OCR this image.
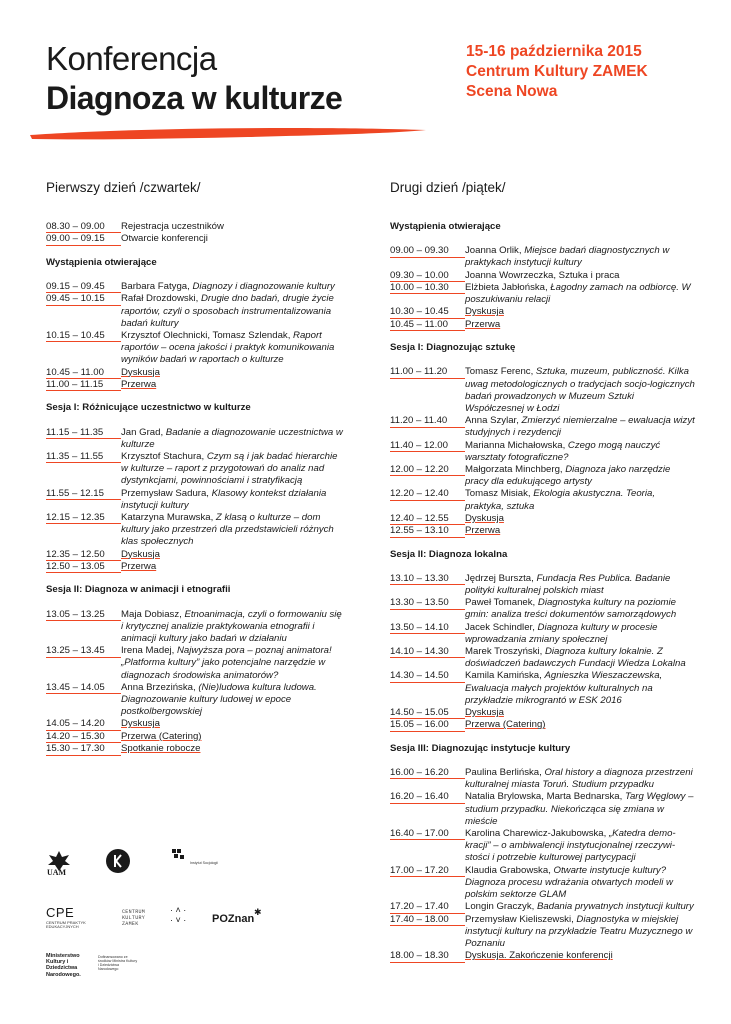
Konferencja
Diagnoza w kulturze
15-16 października 2015
Centrum Kultury ZAMEK
Scena Nowa
Pierwszy dzień /czwartek/	Drugi dzień /piątek/
08.30 – 09.00	Rejestracja uczestników
09.00 – 09.15	Otwarcie konferencji
Wystąpienia otwierające
09.15 – 09.45	Barbara Fatyga, Diagnozy i diagnozowanie kultury
09.45 – 10.15	Rafał Drozdowski, Drugie dno badań, drugie życie raportów, czyli o sposobach instrumentalizowania badań kultury
10.15 – 10.45	Krzysztof Olechnicki, Tomasz Szlendak, Raport raportów – ocena jakości i praktyk komunikowania wyników badań w raportach o kulturze
10.45 – 11.00	Dyskusja
11.00 – 11.15	Przerwa
Sesja I: Różnicujące uczestnictwo w kulturze
11.15 – 11.35	Jan Grad, Badanie a diagnozowanie uczestnictwa w kulturze
11.35 – 11.55	Krzysztof Stachura, Czym są i jak badać hierarchie w kulturze – raport z przygotowań do analiz nad dystynkcjami, powinnościami i stratyfikacją
11.55 – 12.15	Przemysław Sadura, Klasowy kontekst działania instytucji kultury
12.15 – 12.35	Katarzyna Murawska, Z klasą o kulturze – dom kultury jako przestrzeń dla przedstawicieli różnych klas społecznych
12.35 – 12.50	Dyskusja
12.50 – 13.05	Przerwa
Sesja II: Diagnoza w animacji i etnografii
13.05 – 13.25	Maja Dobiasz, Etnoanimacja, czyli o formowaniu się i krytycznej analizie praktykowania etnografii i animacji kultury jako badań w działaniu
13.25 – 13.45	Irena Madej, Najwyższa pora – poznaj animatora! „Platforma kultury” jako potencjalne narzędzie w diagnozach środowiska animatorów?
13.45 – 14.05	Anna Brzezińska, (Nie)ludowa kultura ludowa. Diagnozowanie kultury ludowej w epoce postkolbergowskiej
14.05 – 14.20	Dyskusja
14.20 – 15.30	Przerwa (Catering)
15.30 – 17.30	Spotkanie robocze
Wystąpienia otwierające
09.00 – 09.30	Joanna Orlik, Miejsce badań diagnostycznych w praktykach instytucji kultury
09.30 – 10.00	Joanna Wowrzeczka, Sztuka i praca
10.00 – 10.30	Elżbieta Jabłońska, Łagodny zamach na odbiorcę. W poszukiwaniu relacji
10.30 – 10.45	Dyskusja
10.45 – 11.00	Przerwa
Sesja I: Diagnozując sztukę
11.00 – 11.20	Tomasz Ferenc, Sztuka, muzeum, publiczność. Kilka uwag metodologicznych o tradycjach socjo-logicznych badań prowadzonych w Muzeum Sztuki Współczesnej w Łodzi
11.20 – 11.40	Anna Szylar, Zmierzyć niemierzalne – ewaluacja wizyt studyjnych i rezydencji
11.40 – 12.00	Marianna Michałowska, Czego mogą nauczyć warsztaty fotograficzne?
12.00 – 12.20	Małgorzata Minchberg, Diagnoza jako narzędzie pracy dla edukującego artysty
12.20 – 12.40	Tomasz Misiak, Ekologia akustyczna. Teoria, praktyka, sztuka
12.40 – 12.55	Dyskusja
12.55 – 13.10	Przerwa
Sesja II: Diagnoza lokalna
13.10 – 13.30	Jędrzej Bursztа, Fundacja Res Publica. Badanie polityki kulturalnej polskich miast
13.30 – 13.50	Paweł Tomanek, Diagnostyka kultury na poziomie gmin: analiza treści dokumentów samorządowych
13.50 – 14.10	Jacek Schindler, Diagnoza kultury w procesie wprowadzania zmiany społecznej
14.10 – 14.30	Marek Troszyński, Diagnoza kultury lokalnie. Z doświadczeń badawczych Fundacji Wiedza Lokalna
14.30 – 14.50	Kamila Kamińska, Agnieszka Wieszaczewska, Ewaluacja małych projektów kulturalnych na przykładzie mikrograntó w ESK 2016
14.50 – 15.05	Dyskusja
15.05 – 16.00	Przerwa (Catering)
Sesja III: Diagnozując instytucje kultury
16.00 – 16.20	Paulina Berlińska, Oral history a diagnoza przestrzeni kulturalnej miasta Toruń. Studium przypadku
16.20 – 16.40	Natalia Brylowska, Marta Bednarska, Targ Węglowy – studium przypadku. Niekończąca się zmiana w mieście
16.40 – 17.00	Karolina Charewicz-Jakubowska, „Katedra demo-kracji” – o ambiwalencji instytucjonalnej rzeczywi-stości i potrzebie kulturowej partycypacji
17.00 – 17.20	Klaudia Grabowska, Otwarte instytucje kultury? Diagnoza procesu wdrażania otwartych modeli w polskim sektorze GLAM
17.20 – 17.40	Longin Graczyk, Badania prywatnych instytucji kultury
17.40 – 18.00	Przemysław Kieliszewski, Diagnostyka w miejskiej instytucji kultury na przykładzie Teatru Muzycznego w Poznaniu
18.00 – 18.30	Dyskusja. Zakończenie konferencji
UAM
Instytut Socjologii
CPE
CENTRUM PRAKTYK EDUKACYJNYCH
CENTRUM KULTURY ZAMEK
· ˄ ·
· ˅ · POZnan
✱
Ministerstwo Kultury i Dziedzictwa Narodowego.
Dofinansowano ze środków Ministra Kultury i Dziedzictwa Narodowego
